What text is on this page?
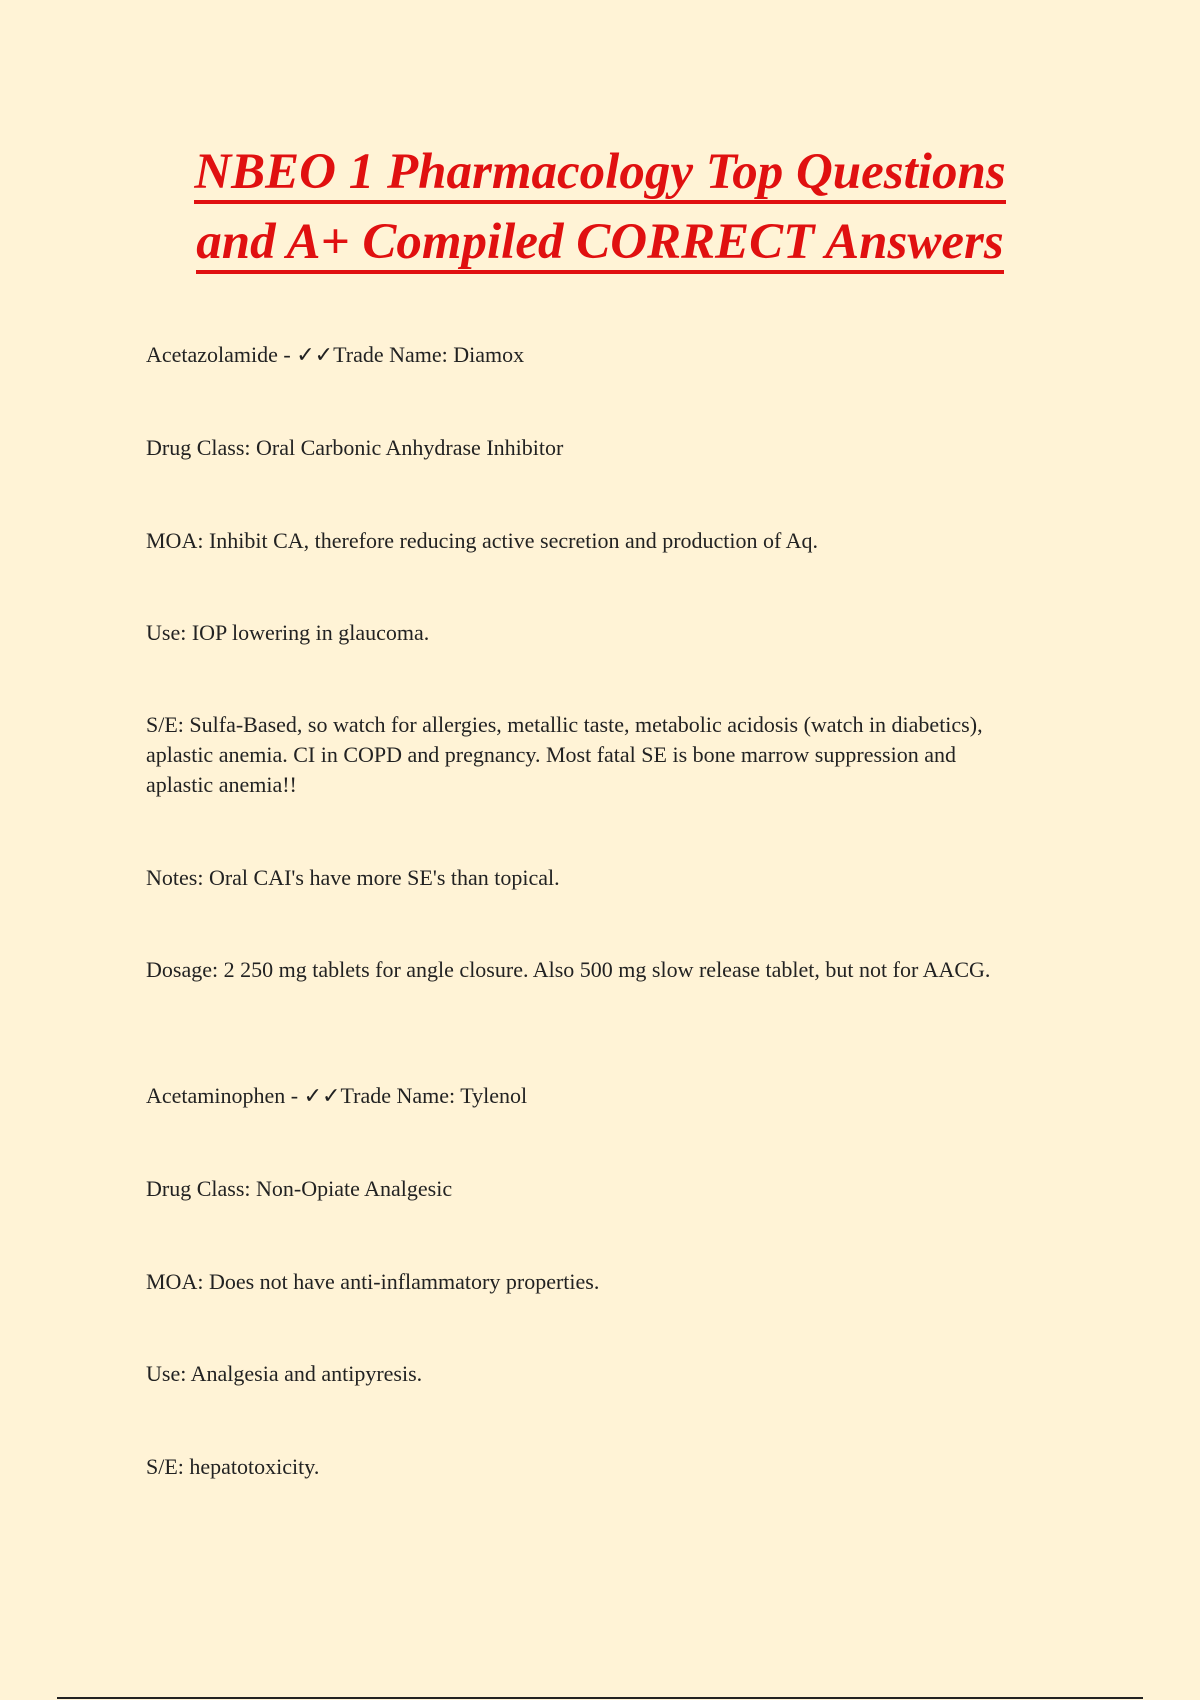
NBEO 1 Pharmacology Top Questions
and A+ Compiled CORRECT Answers
Acetazolamide - ✓✓Trade Name: Diamox
Drug Class: Oral Carbonic Anhydrase Inhibitor
MOA: Inhibit CA, therefore reducing active secretion and production of Aq.
Use: IOP lowering in glaucoma.
S/E: Sulfa-Based, so watch for allergies, metallic taste, metabolic acidosis (watch in diabetics), aplastic anemia. CI in COPD and pregnancy. Most fatal SE is bone marrow suppression and aplastic anemia!!
Notes: Oral CAI's have more SE's than topical.
Dosage: 2 250 mg tablets for angle closure. Also 500 mg slow release tablet, but not for AACG.
Acetaminophen - ✓✓Trade Name: Tylenol
Drug Class: Non-Opiate Analgesic
MOA: Does not have anti-inflammatory properties.
Use: Analgesia and antipyresis.
S/E: hepatotoxicity.
